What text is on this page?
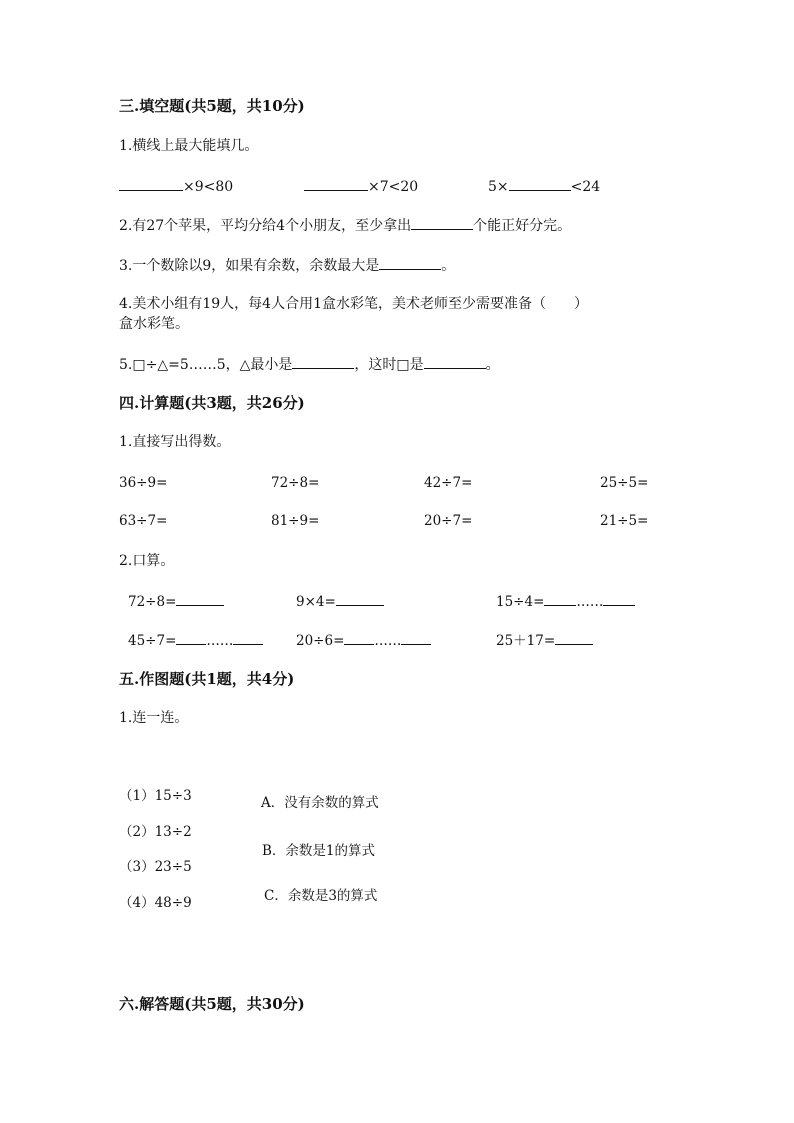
三.填空题(共5题，共10分)
1.横线上最大能填几。
×9<80	×7<20	5×	<24
2.有27个苹果，平均分给4个小朋友，至少拿出	个能正好分完。
3.一个数除以9，如果有余数，余数最大是	。
4.美术小组有19人，每4人合用1盒水彩笔，美术老师至少需要准备（　　）
盒水彩笔。
5.□÷△=5……5，△最小是	，这时□是	。
四.计算题(共3题，共26分)
1.直接写出得数。
36÷9=	72÷8=	42÷7=	25÷5=
63÷7=	81÷9=	20÷7=	21÷5=
2.口算。
72÷8=	9×4=	15÷4= ……
45÷7= ……	20÷6= ……	25＋17=
五.作图题(共1题，共4分)
1.连一连。
（1）15÷3
（2）13÷2
（3）23÷5
（4）48÷9
A．没有余数的算式
B．余数是1的算式
C．余数是3的算式
六.解答题(共5题，共30分)
